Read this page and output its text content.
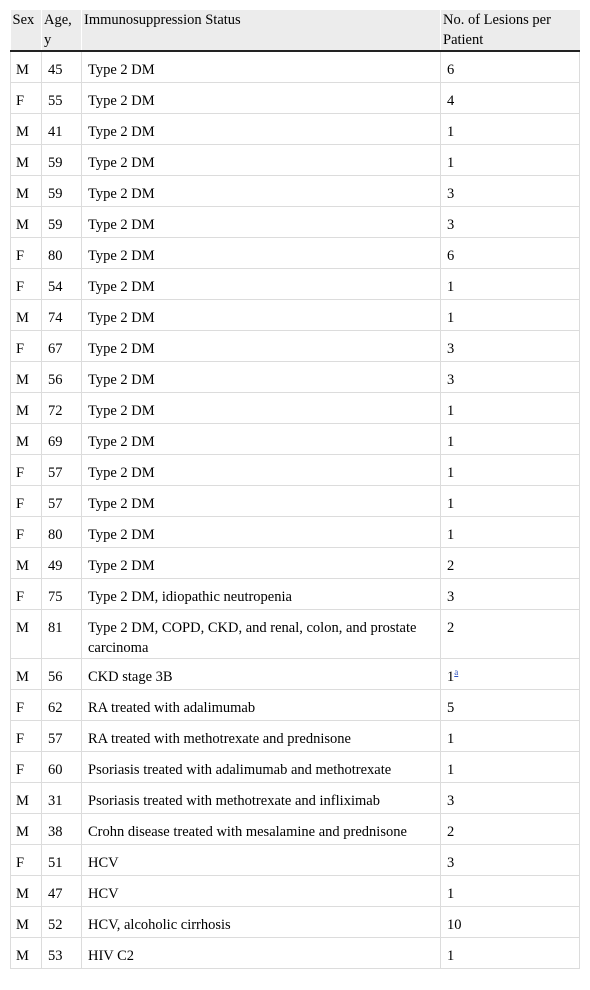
Sex	Age, y	Immunosuppression Status	No. of Lesions per Patient
M	45	Type 2 DM	6
F	55	Type 2 DM	4
M	41	Type 2 DM	1
M	59	Type 2 DM	1
M	59	Type 2 DM	3
M	59	Type 2 DM	3
F	80	Type 2 DM	6
F	54	Type 2 DM	1
M	74	Type 2 DM	1
F	67	Type 2 DM	3
M	56	Type 2 DM	3
M	72	Type 2 DM	1
M	69	Type 2 DM	1
F	57	Type 2 DM	1
F	57	Type 2 DM	1
F	80	Type 2 DM	1
M	49	Type 2 DM	2
F	75	Type 2 DM, idiopathic neutropenia	3
M	81	Type 2 DM, COPD, CKD, and renal, colon, and prostate carcinoma	2
M	56	CKD stage 3B	1$^a$
F	62	RA treated with adalimumab	5
F	57	RA treated with methotrexate and prednisone	1
F	60	Psoriasis treated with adalimumab and methotrexate	1
M	31	Psoriasis treated with methotrexate and infliximab	3
M	38	Crohn disease treated with mesalamine and prednisone	2
F	51	HCV	3
M	47	HCV	1
M	52	HCV, alcoholic cirrhosis	10
M	53	HIV C2	1
